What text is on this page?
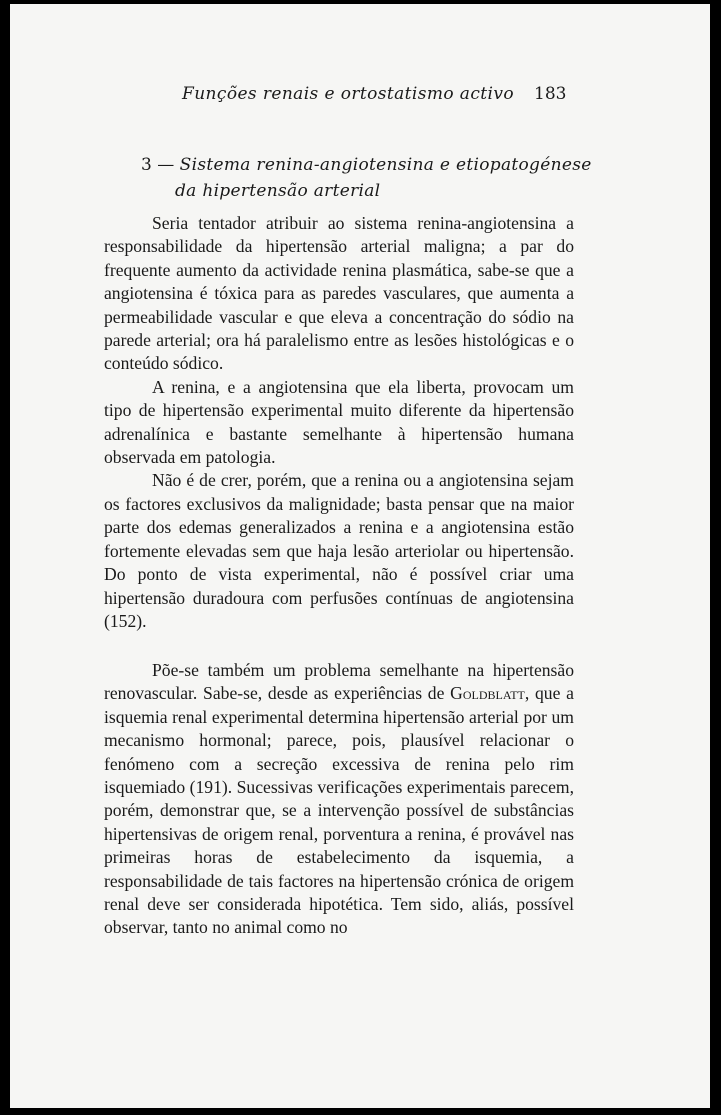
Funções renais e ortostatismo activo 183
3 — Sistema renina-angiotensina e etiopatogénese da hipertensão arterial

Seria tentador atribuir ao sistema renina-angiotensina a responsabilidade da hipertensão arterial maligna; a par do frequente aumento da actividade renina plasmática, sabe-se que a angiotensina é tóxica para as paredes vasculares, que aumenta a permeabilidade vascular e que eleva a concentração do sódio na parede arterial; ora há paralelismo entre as lesões histológicas e o conteúdo sódico.

A renina, e a angiotensina que ela liberta, provocam um tipo de hipertensão experimental muito diferente da hipertensão adrenalínica e bastante semelhante à hipertensão humana observada em patologia.

Não é de crer, porém, que a renina ou a angiotensina sejam os factores exclusivos da malignidade; basta pensar que na maior parte dos edemas generalizados a renina e a angiotensina estão fortemente elevadas sem que haja lesão arteriolar ou hipertensão. Do ponto de vista experimental, não é possível criar uma hipertensão duradoura com perfusões contínuas de angiotensina (152).

Põe-se também um problema semelhante na hipertensão renovascular. Sabe-se, desde as experiências de Goldblatt, que a isquemia renal experimental determina hipertensão arterial por um mecanismo hormonal; parece, pois, plausível relacionar o fenómeno com a secreção excessiva de renina pelo rim isquemiado (191). Sucessivas verificações experimentais parecem, porém, demonstrar que, se a intervenção possível de substâncias hipertensivas de origem renal, porventura a renina, é provável nas primeiras horas de estabelecimento da isquemia, a responsabilidade de tais factores na hipertensão crónica de origem renal deve ser considerada hipotética. Tem sido, aliás, possível observar, tanto no animal como no
